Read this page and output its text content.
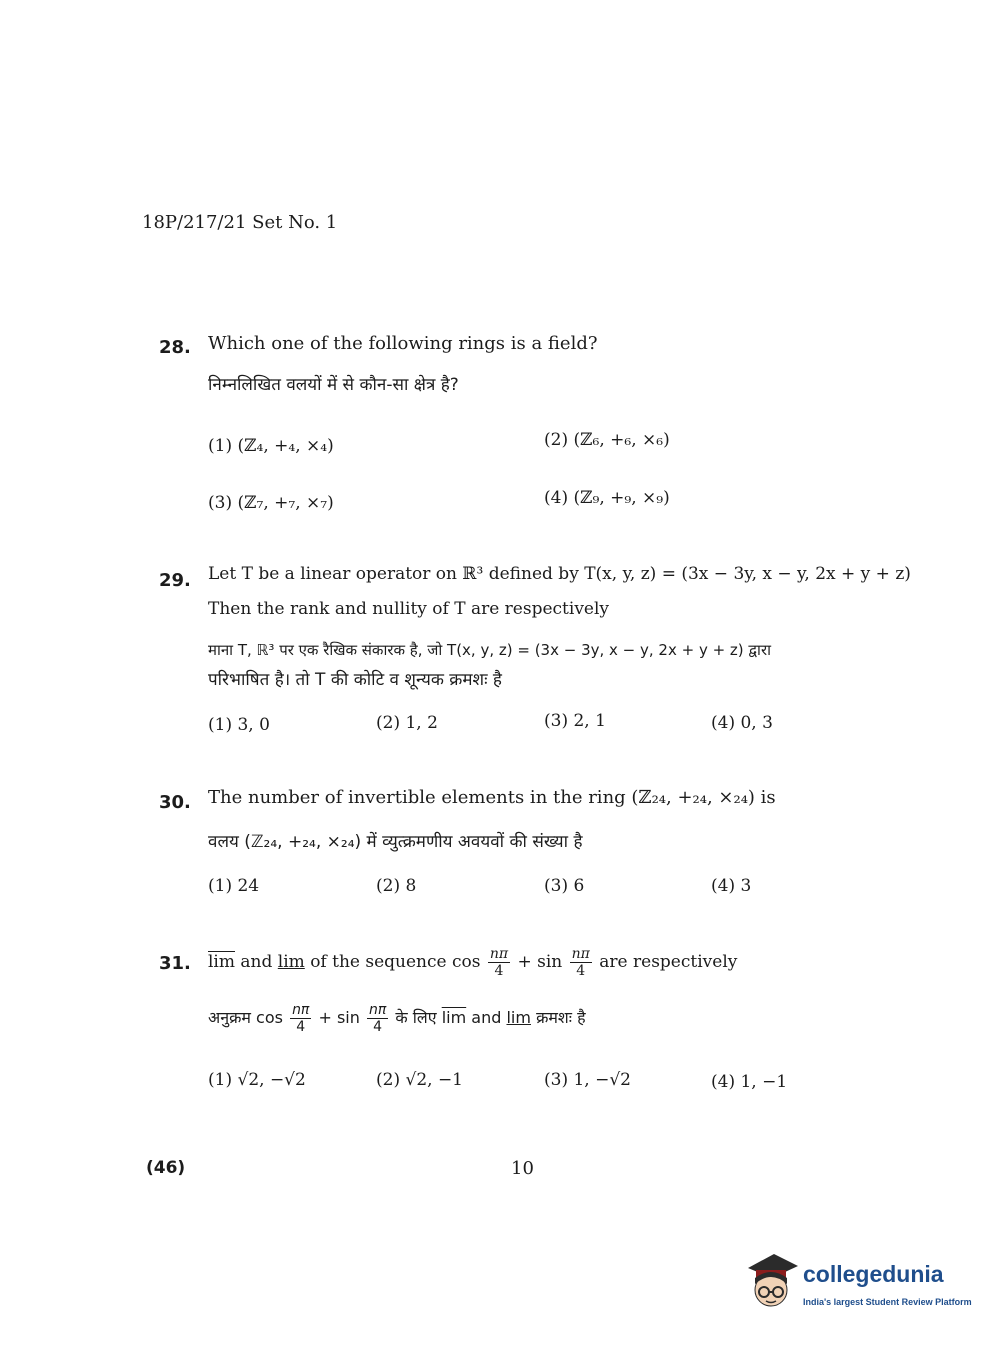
18P/217/21 Set No. 1
28. Which one of the following rings is a field?
निम्नलिखित वलयों में से कौन-सा क्षेत्र है?
(1) (ℤ₄, +₄, ×₄)	(2) (ℤ₆, +₆, ×₆)
(3) (ℤ₇, +₇, ×₇)	(4) (ℤ₉, +₉, ×₉)
29. Let T be a linear operator on ℝ³ defined by T(x, y, z) = (3x − 3y, x − y, 2x + y + z)
Then the rank and nullity of T are respectively
माना T, ℝ³ पर एक रैखिक संकारक है, जो T(x, y, z) = (3x − 3y, x − y, 2x + y + z) द्वारा
परिभाषित है। तो T की कोटि व शून्यक क्रमशः है
(1) 3, 0	(2) 1, 2	(3) 2, 1	(4) 0, 3
30. The number of invertible elements in the ring (ℤ₂₄, +₂₄, ×₂₄) is
वलय (ℤ₂₄, +₂₄, ×₂₄) में व्युत्क्रमणीय अवयवों की संख्या है
(1) 24	(2) 8	(3) 6	(4) 3
31. $\overline{lim}$ and lim of the sequence $\cos \frac{n\pi}{4} + \sin \frac{n\pi}{4}$ are respectively
अनुक्रम $\cos \frac{n\pi}{4} + \sin \frac{n\pi}{4}$ के लिए $\overline{lim}$ and lim क्रमशः है
(1) √2, −√2	(2) √2, −1	(3) 1, −√2	(4) 1, −1
(46)	10
collegedunia
India's largest Student Review Platform
